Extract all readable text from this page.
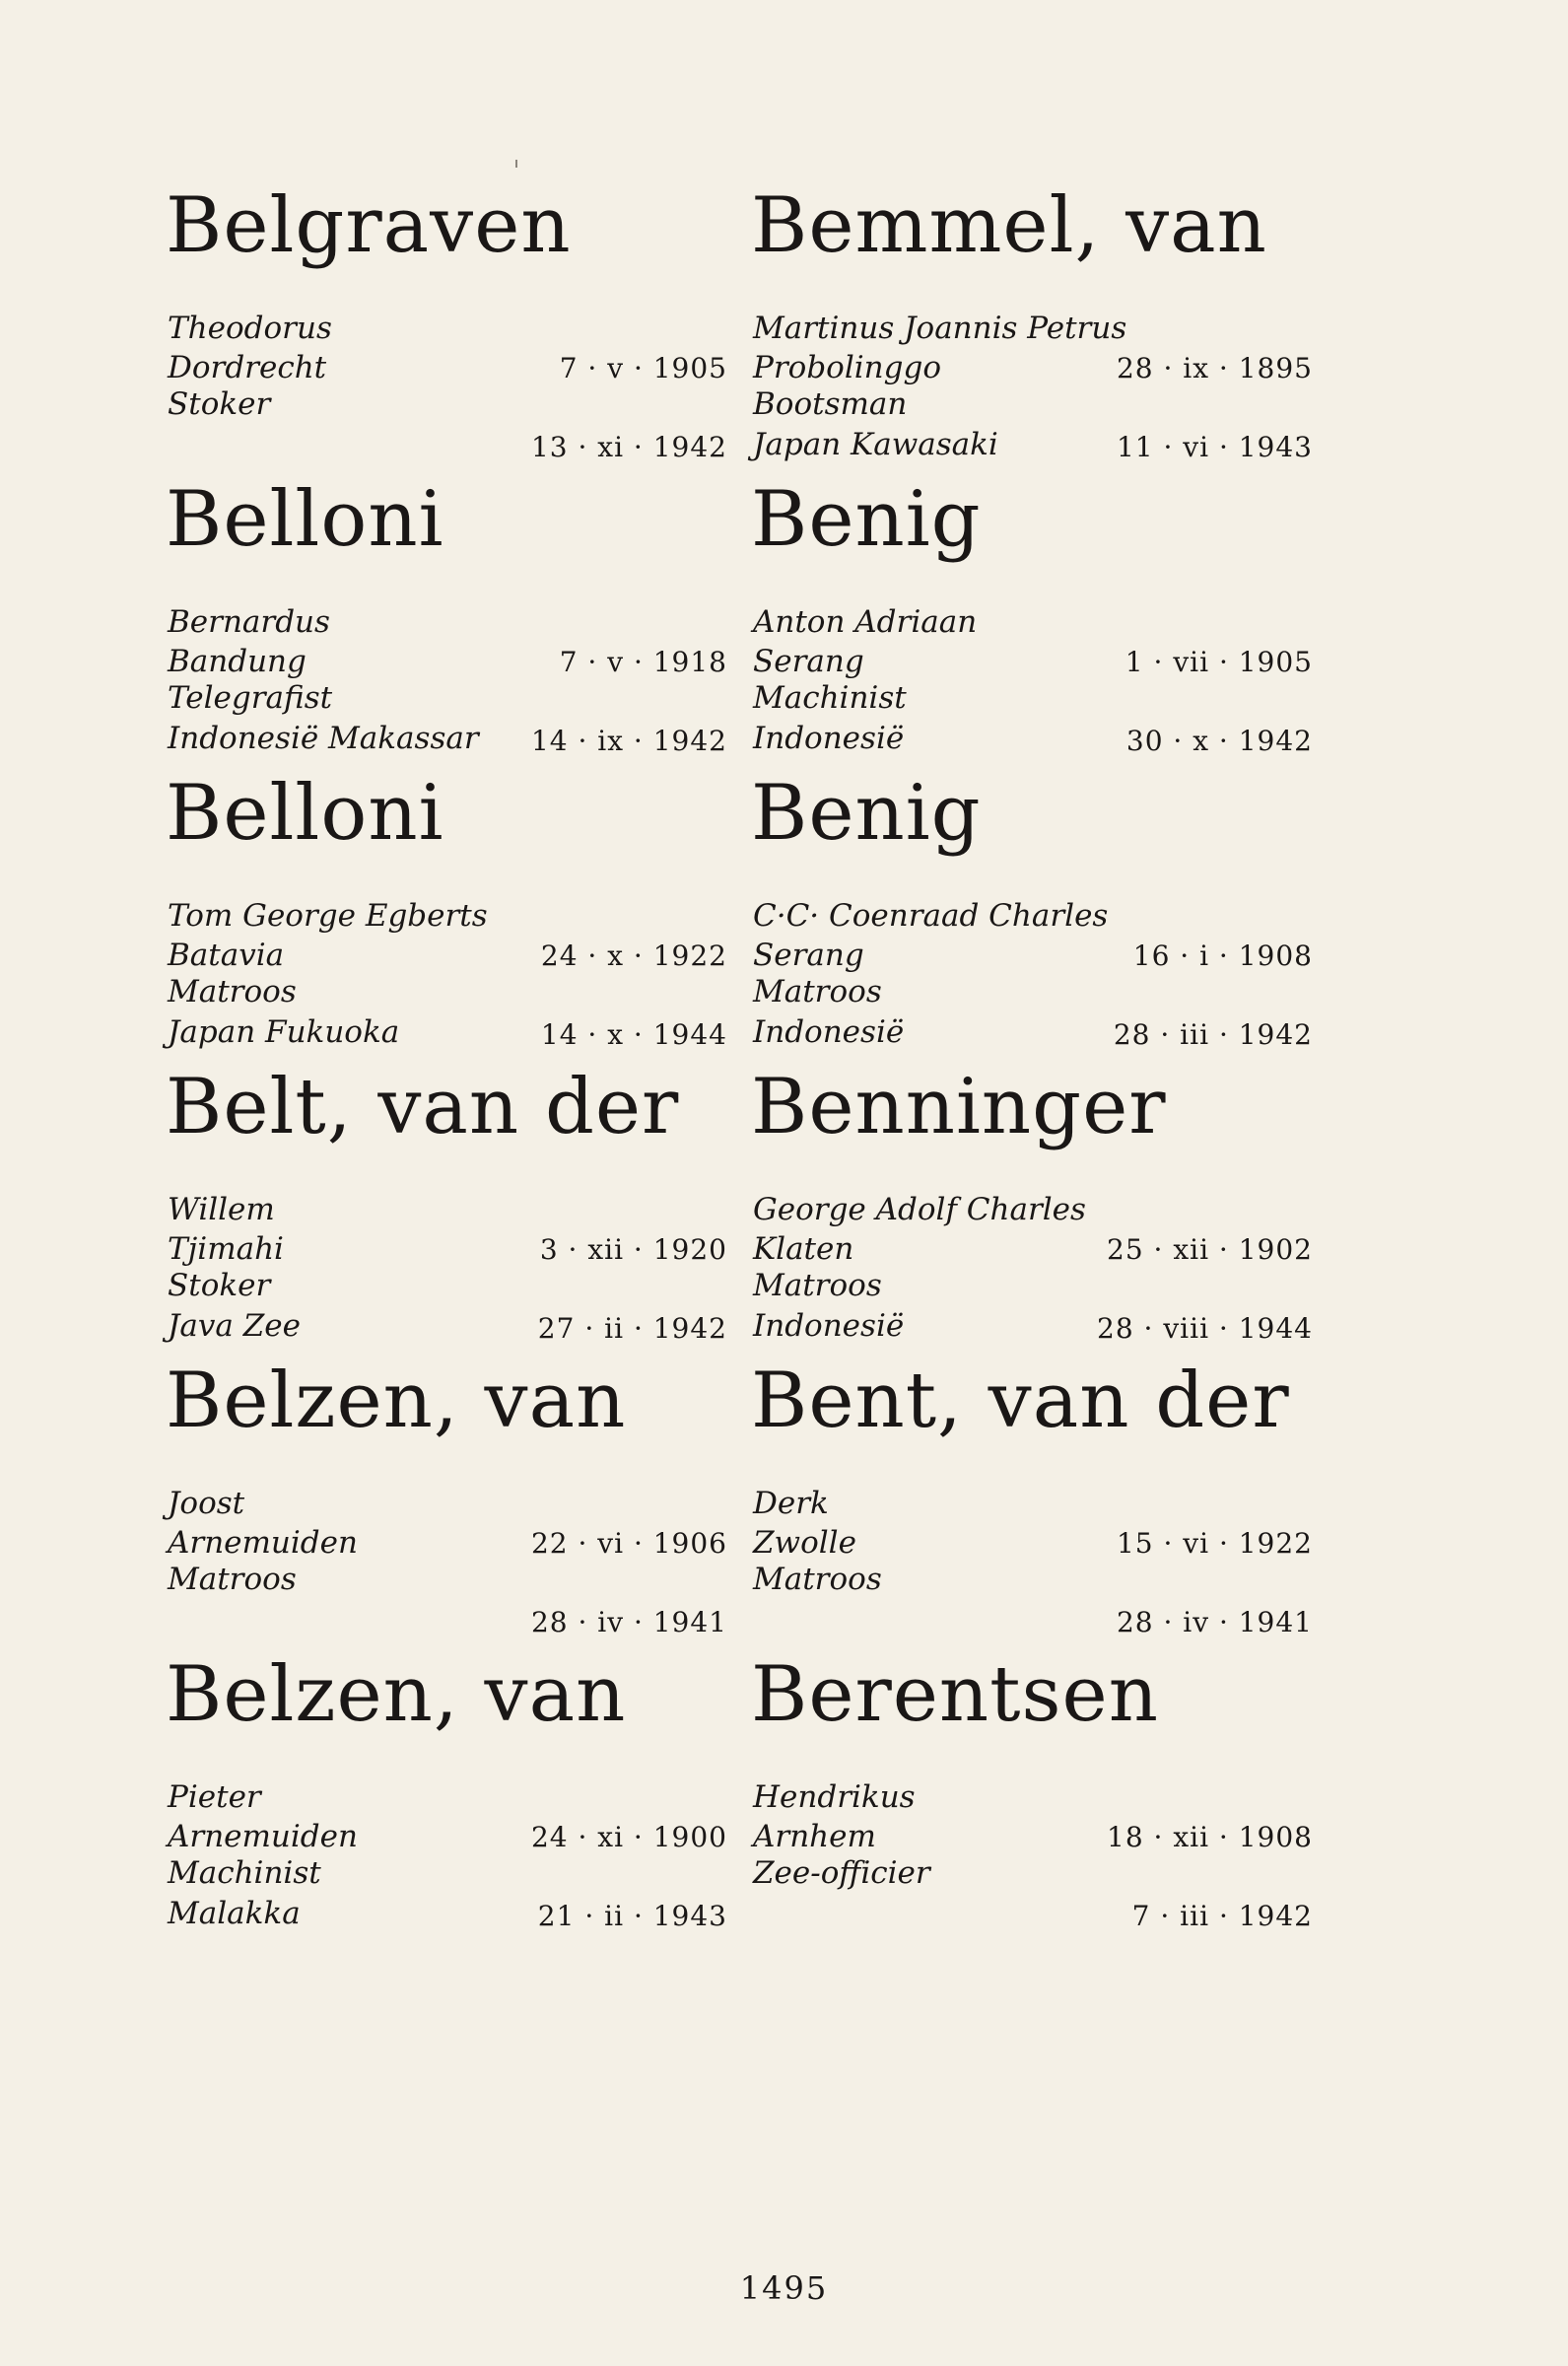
Belgraven
Theodorus
Dordrecht	7 · v · 1905
Stoker
13 · xi · 1942
Belloni
Bernardus
Bandung	7 · v · 1918
Telegrafist
Indonesië Makassar 14 · ix · 1942
Belloni
Tom George Egberts
Batavia	24 · x · 1922
Matroos
Japan Fukuoka	14 · x · 1944
Belt, van der
Willem
Tjimahi	3 · xii · 1920
Stoker
Java Zee	27 · ii · 1942
Belzen, van
Joost
Arnemuiden	22 · vi · 1906
Matroos
28 · iv · 1941
Belzen, van
Pieter
Arnemuiden	24 · xi · 1900
Machinist
Malakka	21 · ii · 1943
Bemmel, van
Martinus Joannis Petrus
Probolinggo	28 · ix · 1895
Bootsman
Japan Kawasaki	11 · vi · 1943
Benig
Anton Adriaan
Serang	1 · vii · 1905
Machinist
Indonesië	30 · x · 1942
Benig
C·C· Coenraad Charles
Serang	16 · i · 1908
Matroos
Indonesië	28 · iii · 1942
Benninger
George Adolf Charles
Klaten	25 · xii · 1902
Matroos
Indonesië	28 · viii · 1944
Bent, van der
Derk
Zwolle	15 · vi · 1922
Matroos
28 · iv · 1941
Berentsen
Hendrikus
Arnhem	18 · xii · 1908
Zee-officier
7 · iii · 1942
1495
